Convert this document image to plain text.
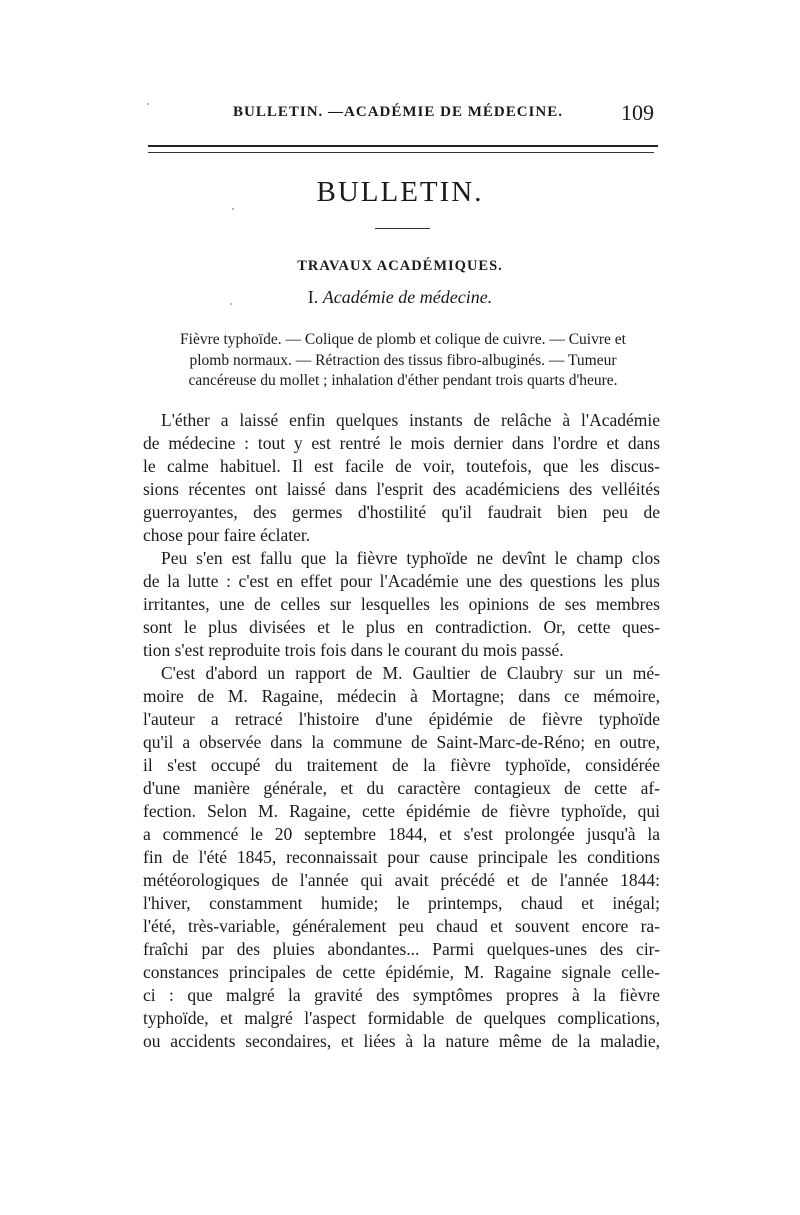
BULLETIN. —ACADÉMIE DE MÉDECINE.	109
BULLETIN.
TRAVAUX ACADÉMIQUES.
I. Académie de médecine.
Fièvre typhoïde. — Colique de plomb et colique de cuivre. — Cuivre et
plomb normaux. — Rétraction des tissus fibro-albuginés. — Tumeur
cancéreuse du mollet ; inhalation d'éther pendant trois quarts d'heure.
L'éther a laissé enfin quelques instants de relâche à l'Académie
de médecine : tout y est rentré le mois dernier dans l'ordre et dans
le calme habituel. Il est facile de voir, toutefois, que les discus-
sions récentes ont laissé dans l'esprit des académiciens des velléités
guerroyantes, des germes d'hostilité qu'il faudrait bien peu de
chose pour faire éclater.
Peu s'en est fallu que la fièvre typhoïde ne devînt le champ clos
de la lutte : c'est en effet pour l'Académie une des questions les plus
irritantes, une de celles sur lesquelles les opinions de ses membres
sont le plus divisées et le plus en contradiction. Or, cette ques-
tion s'est reproduite trois fois dans le courant du mois passé.
C'est d'abord un rapport de M. Gaultier de Claubry sur un mé-
moire de M. Ragaine, médecin à Mortagne; dans ce mémoire,
l'auteur a retracé l'histoire d'une épidémie de fièvre typhoïde
qu'il a observée dans la commune de Saint-Marc-de-Réno; en outre,
il s'est occupé du traitement de la fièvre typhoïde, considérée
d'une manière générale, et du caractère contagieux de cette af-
fection. Selon M. Ragaine, cette épidémie de fièvre typhoïde, qui
a commencé le 20 septembre 1844, et s'est prolongée jusqu'à la
fin de l'été 1845, reconnaissait pour cause principale les conditions
météorologiques de l'année qui avait précédé et de l'année 1844:
l'hiver, constamment humide; le printemps, chaud et inégal;
l'été, très-variable, généralement peu chaud et souvent encore ra-
fraîchi par des pluies abondantes... Parmi quelques-unes des cir-
constances principales de cette épidémie, M. Ragaine signale celle-
ci : que malgré la gravité des symptômes propres à la fièvre
typhoïde, et malgré l'aspect formidable de quelques complications,
ou accidents secondaires, et liées à la nature même de la maladie,
